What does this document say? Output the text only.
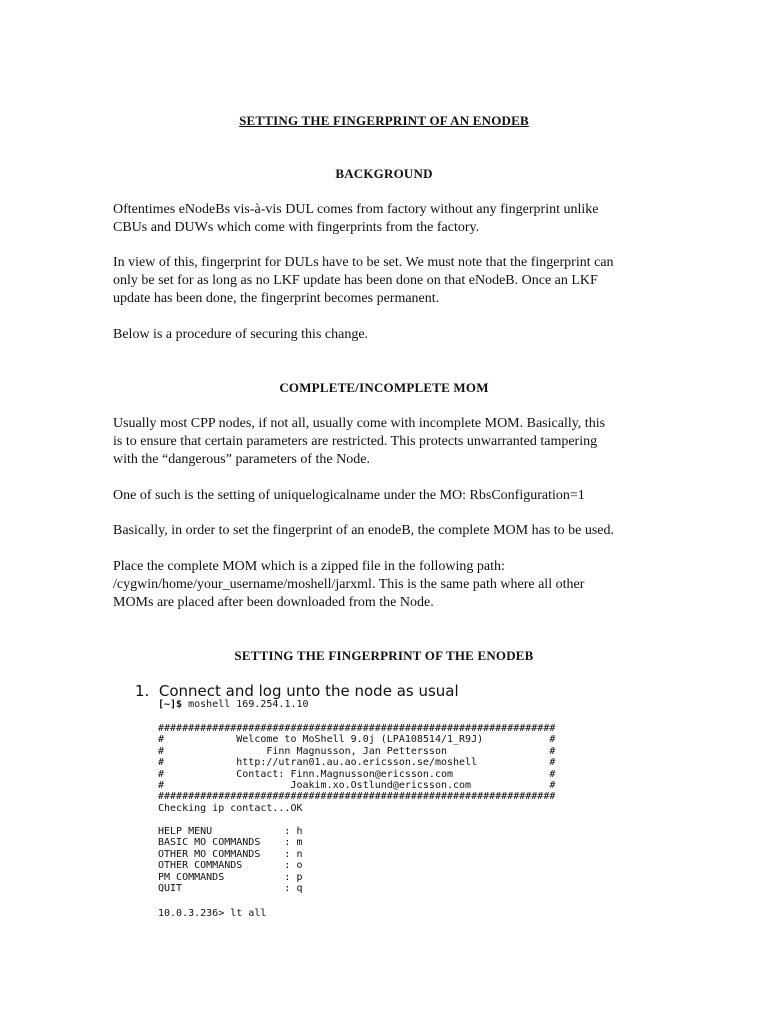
SETTING THE FINGERPRINT OF AN ENODEB
BACKGROUND

Oftentimes eNodeBs vis-à-vis DUL comes from factory without any fingerprint unlike
CBUs and DUWs which come with fingerprints from the factory.

In view of this, fingerprint for DULs have to be set. We must note that the fingerprint can
only be set for as long as no LKF update has been done on that eNodeB. Once an LKF
update has been done, the fingerprint becomes permanent.

Below is a procedure of securing this change.

COMPLETE/INCOMPLETE MOM

Usually most CPP nodes, if not all, usually come with incomplete MOM. Basically, this
is to ensure that certain parameters are restricted. This protects unwarranted tampering
with the “dangerous” parameters of the Node.

One of such is the setting of uniquelogicalname under the MO: RbsConfiguration=1

Basically, in order to set the fingerprint of an enodeB, the complete MOM has to be used.

Place the complete MOM which is a zipped file in the following path:
/cygwin/home/your_username/moshell/jarxml. This is the same path where all other
MOMs are placed after been downloaded from the Node.

SETTING THE FINGERPRINT OF THE ENODEB
1. Connect and log unto the node as usual
[~]$ moshell 169.254.1.10
##################################################################
#            Welcome to MoShell 9.0j (LPA108514/1_R9J)           #
#                 Finn Magnusson, Jan Pettersson                 #
#            http://utran01.au.ao.ericsson.se/moshell            #
#            Contact: Finn.Magnusson@ericsson.com                #
#                     Joakim.xo.Ostlund@ericsson.com             #
##################################################################
Checking ip contact...OK
HELP MENU            : h
BASIC MO COMMANDS    : m
OTHER MO COMMANDS    : n
OTHER COMMANDS       : o
PM COMMANDS          : p
QUIT                 : q
10.0.3.236> lt all
